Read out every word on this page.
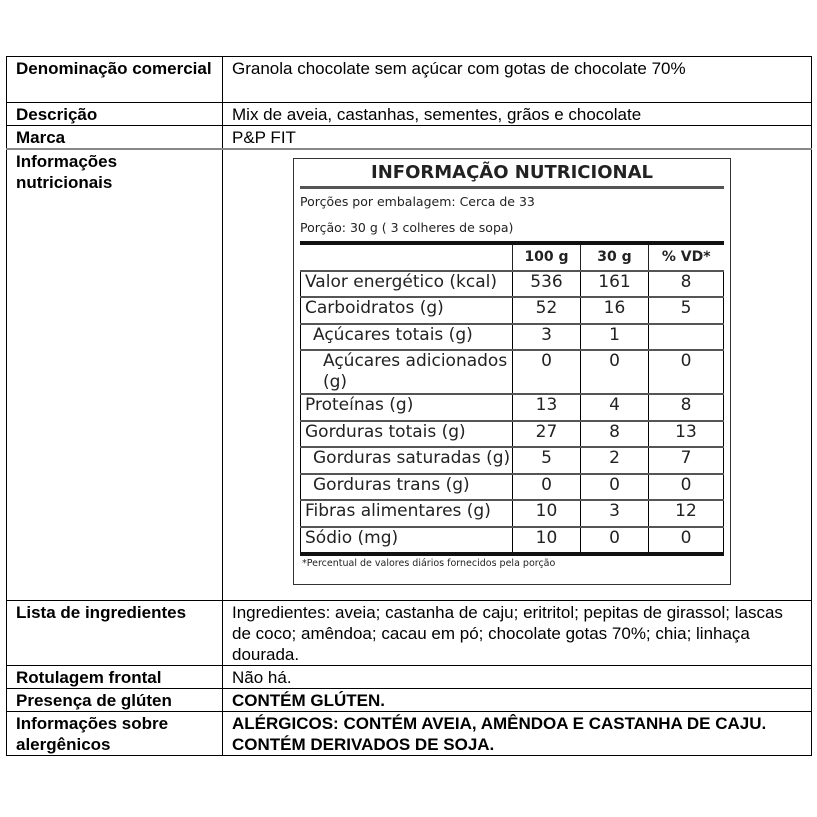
Denominação comercial	Granola chocolate sem açúcar com gotas de chocolate 70%
Descrição	Mix de aveia, castanhas, sementes, grãos e chocolate
Marca	P&P FIT
Informações nutricionais	INFORMAÇÃO NUTRICIONAL
Porções por embalagem: Cerca de 33
Porção: 30 g ( 3 colheres de sopa)
	100 g	30 g	% VD*
Valor energético (kcal)	536	161	8
Carboidratos (g)	52	16	5
Açúcares totais (g)	3	1	
Açúcares adicionados (g)	0	0	0
Proteínas (g)	13	4	8
Gorduras totais (g)	27	8	13
Gorduras saturadas (g)	5	2	7
Gorduras trans (g)	0	0	0
Fibras alimentares (g)	10	3	12
Sódio (mg)	10	0	0
*Percentual de valores diários fornecidos pela porção

Lista de ingredientes	Ingredientes: aveia; castanha de caju; eritritol; pepitas de girassol; lascas de coco; amêndoa; cacau em pó; chocolate gotas 70%; chia; linhaça dourada.
Rotulagem frontal	Não há.
Presença de glúten	CONTÉM GLÚTEN.
Informações sobre alergênicos	ALÉRGICOS: CONTÉM AVEIA, AMÊNDOA E CASTANHA DE CAJU. CONTÉM DERIVADOS DE SOJA.
